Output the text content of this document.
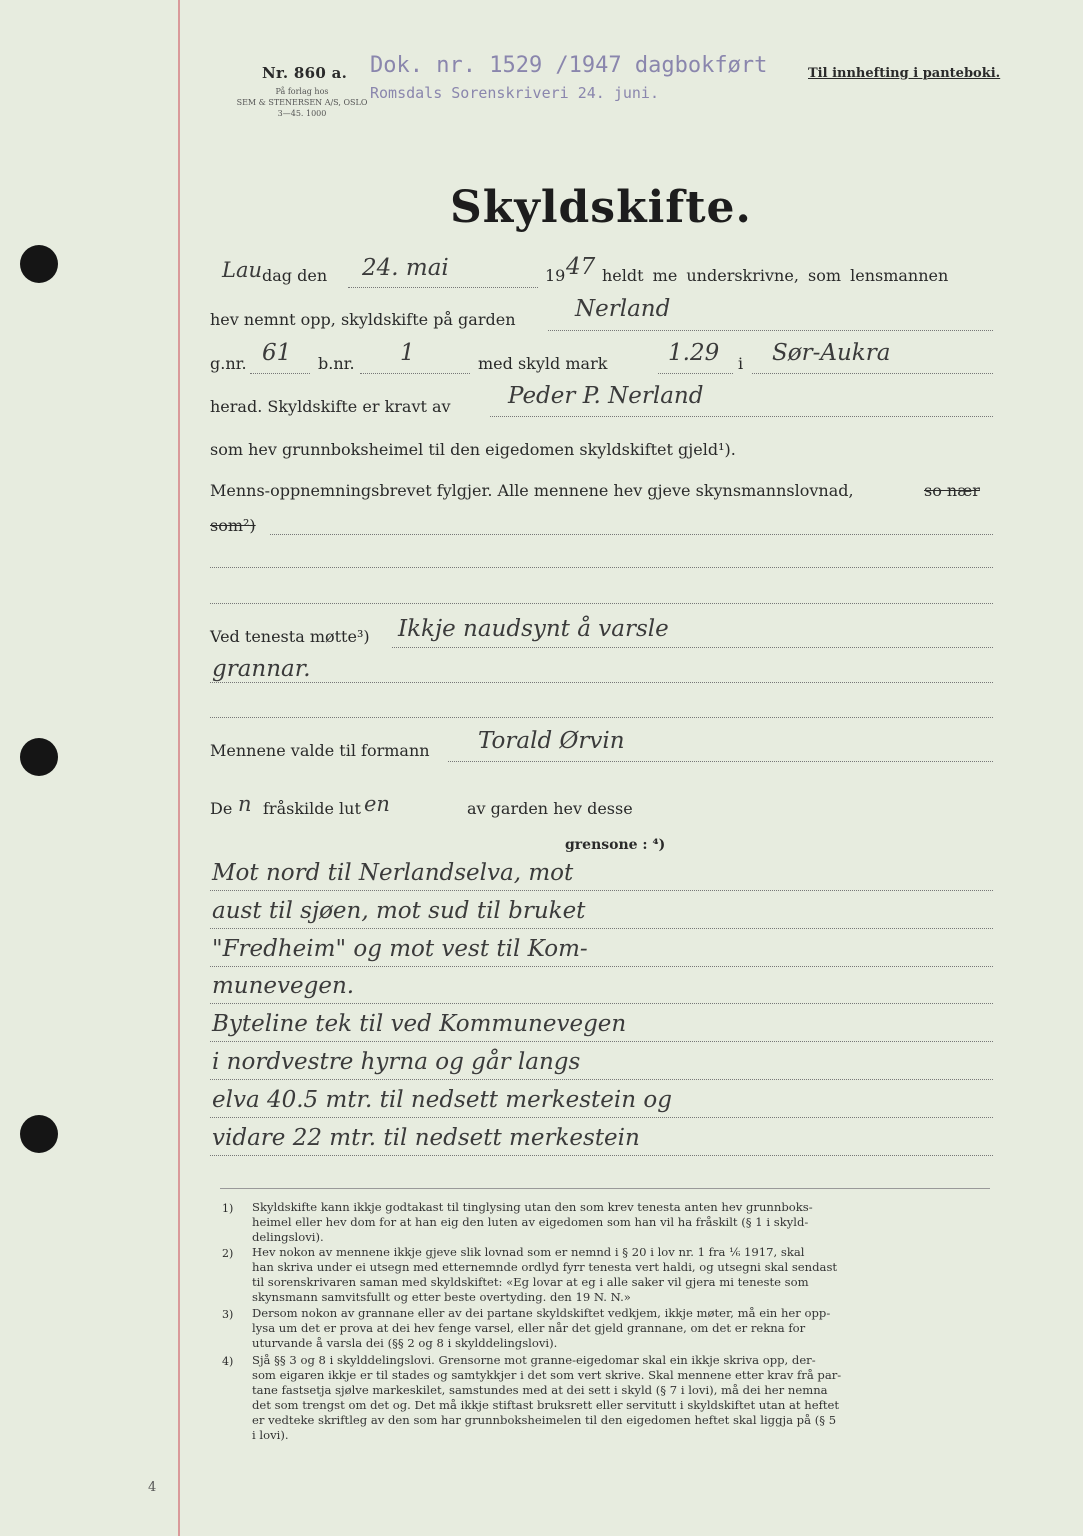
Nr. 860 a.
På forlag hos
SEM & STENERSEN A/S, OSLO
3—45. 1000
Dok. nr. 1529 /1947 dagbokført
Romsdals Sorenskriveri 24. juni.
Til innhefting i panteboki.
Skyldskifte.
Lau dag den 24. mai	19 47 heldt me underskrivne, som lensmannen
hev nemnt opp, skyldskifte på garden	Nerland
g.nr. 61 b.nr. 1	med skyld mark	1.29 i Sør-Aukra
herad. Skyldskifte er kravt av Peder P. Nerland
som hev grunnboksheimel til den eigedomen skyldskiftet gjeld¹).
Menns-oppnemningsbrevet fylgjer. Alle mennene hev gjeve skynsmannslovnad,	so nær
som²)
Ved tenesta møtte³) Ikkje naudsynt å varsle
grannar.
Mennene valde til formann Torald Ørvin
De n fråskilde lut en	av garden hev desse
grensone : ⁴)
Mot nord til Nerlandselva, mot
aust til sjøen, mot sud til bruket
"Fredheim" og mot vest til Kom-
munevegen.
Byteline tek til ved Kommunevegen
i nordvestre hyrna og går langs
elva 40.5 mtr. til nedsett merkestein og
vidare 22 mtr. til nedsett merkestein
1) Skyldskifte kann ikkje godtakast til tinglysing utan den som krev tenesta anten hev grunnboks-
heimel eller hev dom for at han eig den luten av eigedomen som han vil ha fråskilt (§ 1 i skyld-
delingslovi).
2) Hev nokon av mennene ikkje gjeve slik lovnad som er nemnd i § 20 i lov nr. 1 fra ⅙ 1917, skal
han skriva under ei utsegn med etternemnde ordlyd fyrr tenesta vert haldi, og utsegni skal sendast
til sorenskrivaren saman med skyldskiftet: «Eg lovar at eg i alle saker vil gjera mi teneste som
skynsmann samvitsfullt og etter beste overtyding. den 19 N. N.»
3) Dersom nokon av grannane eller av dei partane skyldskiftet vedkjem, ikkje møter, må ein her opp-
lysa um det er prova at dei hev fenge varsel, eller når det gjeld grannane, om det er rekna for
uturvande å varsla dei (§§ 2 og 8 i skylddelingslovi).
4) Sjå §§ 3 og 8 i skylddelingslovi. Grensorne mot granne-eigedomar skal ein ikkje skriva opp, der-
som eigaren ikkje er til stades og samtykkjer i det som vert skrive. Skal mennene etter krav frå par-
tane fastsetja sjølve markeskilet, samstundes med at dei sett i skyld (§ 7 i lovi), må dei her nemna
det som trengst om det og. Det må ikkje stiftast bruksrett eller servitutt i skyldskiftet utan at heftet
er vedteke skriftleg av den som har grunnboksheimelen til den eigedomen heftet skal liggja på (§ 5
i lovi).
4
